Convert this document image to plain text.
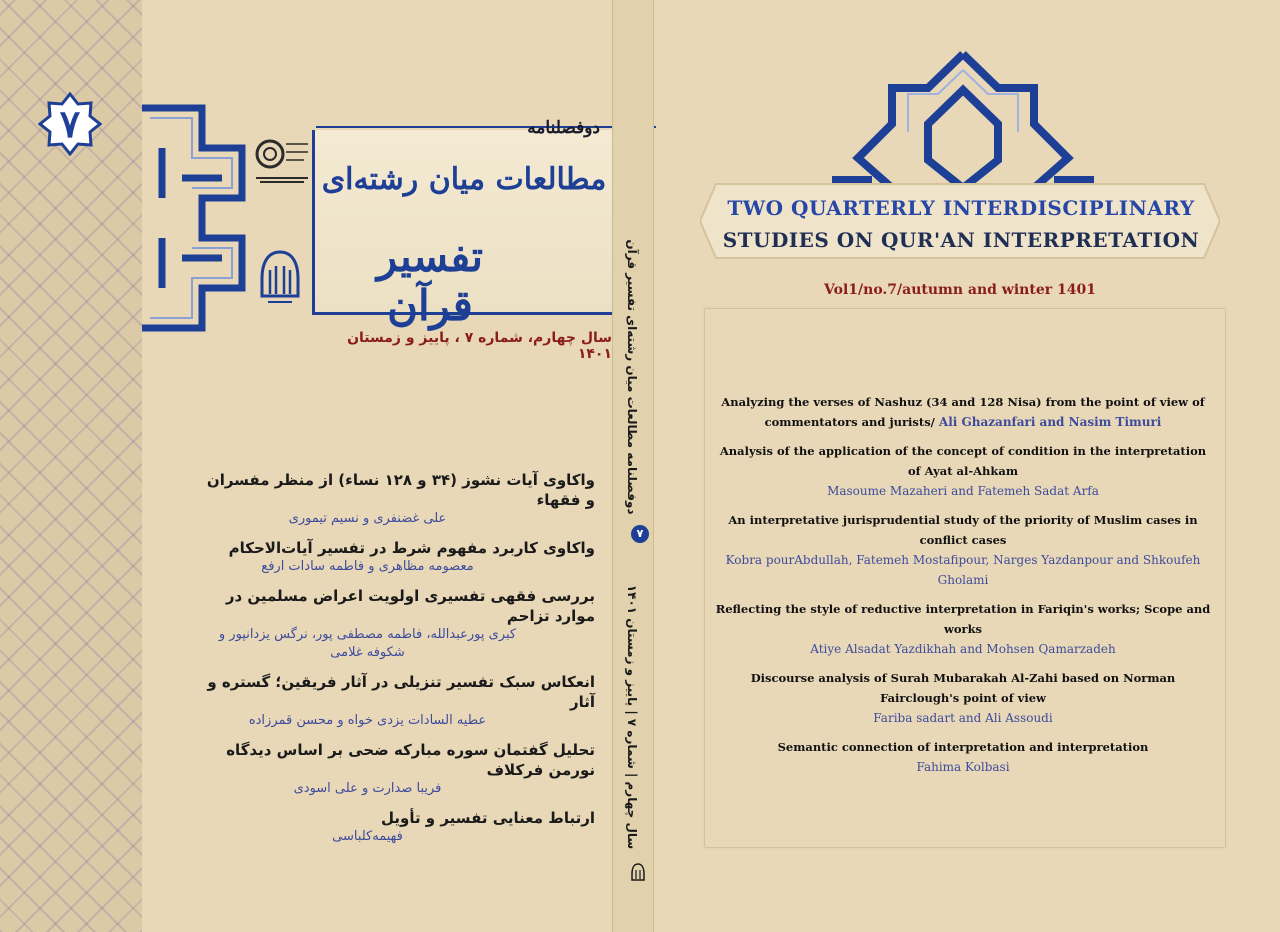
۷	دوفصلنامه
مطالعات میان رشته‌ای
تفسیر قرآن
سال چهارم، شماره ۷ ، پاییز و زمستان ۱۴۰۱
واکاوی آیات نشوز (۳۴ و ۱۲۸ نساء) از منظر مفسران و فقهاء
علی غضنفری و نسیم تیموری
واکاوی کاربرد مفهوم شرط در تفسیر آیات‌الاحکام
معصومه مظاهری و فاطمه سادات ارفع
بررسی فقهی تفسیری اولویت اعراض مسلمین در موارد تزاحم
کبری پورعبدالله، فاطمه مصطفی پور، نرگس یزدانپور و شکوفه غلامی
انعکاس سبک تفسیر تنزیلی در آثار فریقین؛ گستره و آثار
عطیه السادات یزدی خواه و محسن قمرزاده
تحلیل گفتمان سوره مبارکه ضحی بر اساس دیدگاه نورمن فرکلاف
فریبا صدارت و علی اسودی
ارتباط معنایی تفسیر و تأویل
فهیمه‌کلباسی
دوفصلنامه مطالعات میان رشته‌ای تفسیر قرآن
سال چهارم | شماره ۷ | پاییز و زمستان ۱۴۰۱
۷
TWO QUARTERLY INTERDISCIPLINARY
STUDIES ON QUR'AN INTERPRETATION
Vol1/no.7/autumn and winter 1401
Analyzing the verses of Nashuz (34 and 128 Nisa) from the point of view of commentators and jurists/ Ali Ghazanfari and Nasim Timuri
Analysis of the application of the concept of condition in the interpretation of Ayat al-Ahkam
Masoume Mazaheri and Fatemeh Sadat Arfa
An interpretative jurisprudential study of the priority of Muslim cases in conflict cases
Kobra pourAbdullah, Fatemeh Mostafipour, Narges Yazdanpour and Shkoufeh Gholami
Reflecting the style of reductive interpretation in Fariqin's works; Scope and works
Atiye Alsadat Yazdikhah and Mohsen Qamarzadeh
Discourse analysis of Surah Mubarakah Al-Zahi based on Norman Fairclough's point of view
Fariba sadart and Ali Assoudi
Semantic connection of interpretation and interpretation
Fahima Kolbasi
